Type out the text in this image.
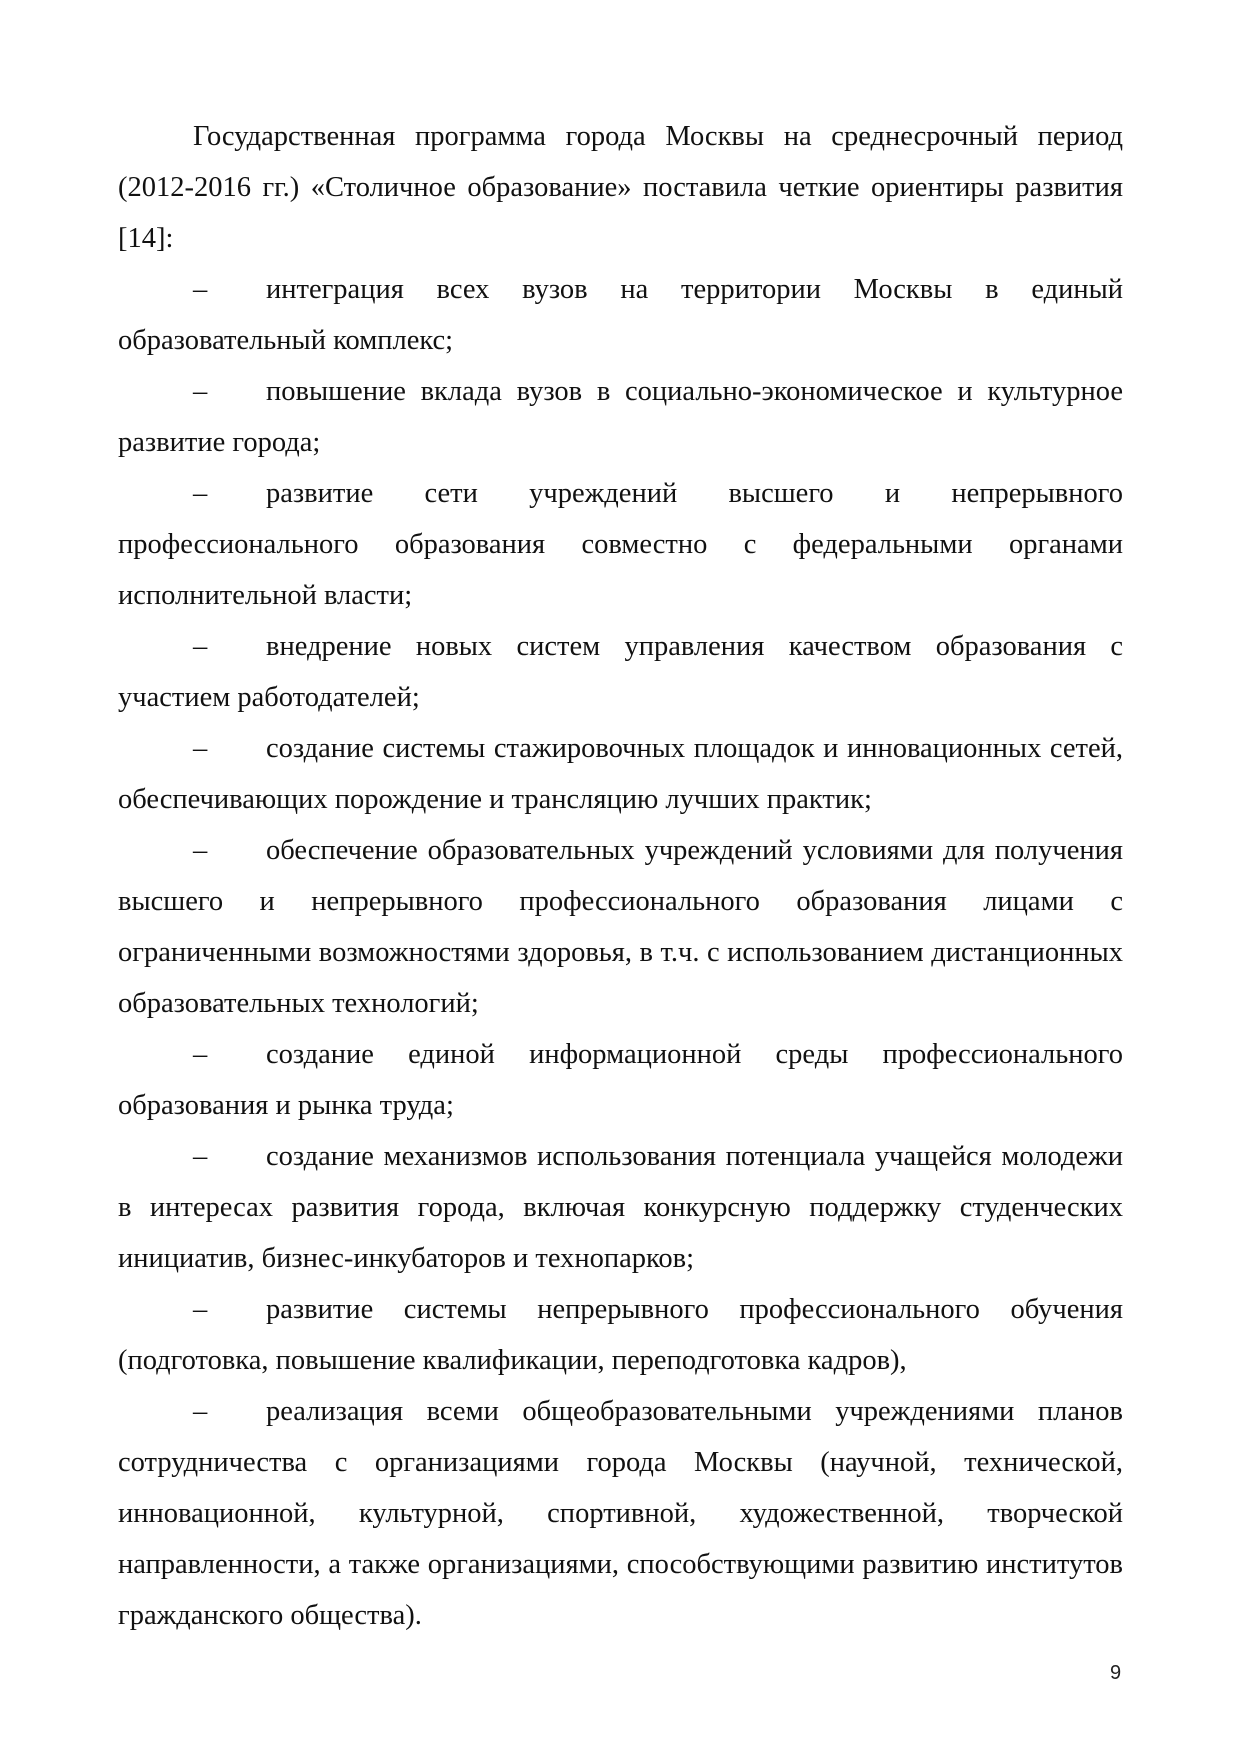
Государственная программа города Москвы на среднесрочный период (2012-2016 гг.) «Столичное образование» поставила четкие ориентиры развития [14]:

– интеграция всех вузов на территории Москвы в единый образовательный комплекс;

– повышение вклада вузов в социально-экономическое и культурное развитие города;

– развитие сети учреждений высшего и непрерывного профессионального образования совместно с федеральными органами исполнительной власти;

– внедрение новых систем управления качеством образования с участием работодателей;

– создание системы стажировочных площадок и инновационных сетей, обеспечивающих порождение и трансляцию лучших практик;

– обеспечение образовательных учреждений условиями для получения высшего и непрерывного профессионального образования лицами с ограниченными возможностями здоровья, в т.ч. с использованием дистанционных образовательных технологий;

– создание единой информационной среды профессионального образования и рынка труда;

– создание механизмов использования потенциала учащейся молодежи в интересах развития города, включая конкурсную поддержку студенческих инициатив, бизнес-инкубаторов и технопарков;

– развитие системы непрерывного профессионального обучения (подготовка, повышение квалификации, переподготовка кадров),

– реализация всеми общеобразовательными учреждениями планов сотрудничества с организациями города Москвы (научной, технической, инновационной, культурной, спортивной, художественной, творческой направленности, а также организациями, способствующими развитию институтов гражданского общества).

9
